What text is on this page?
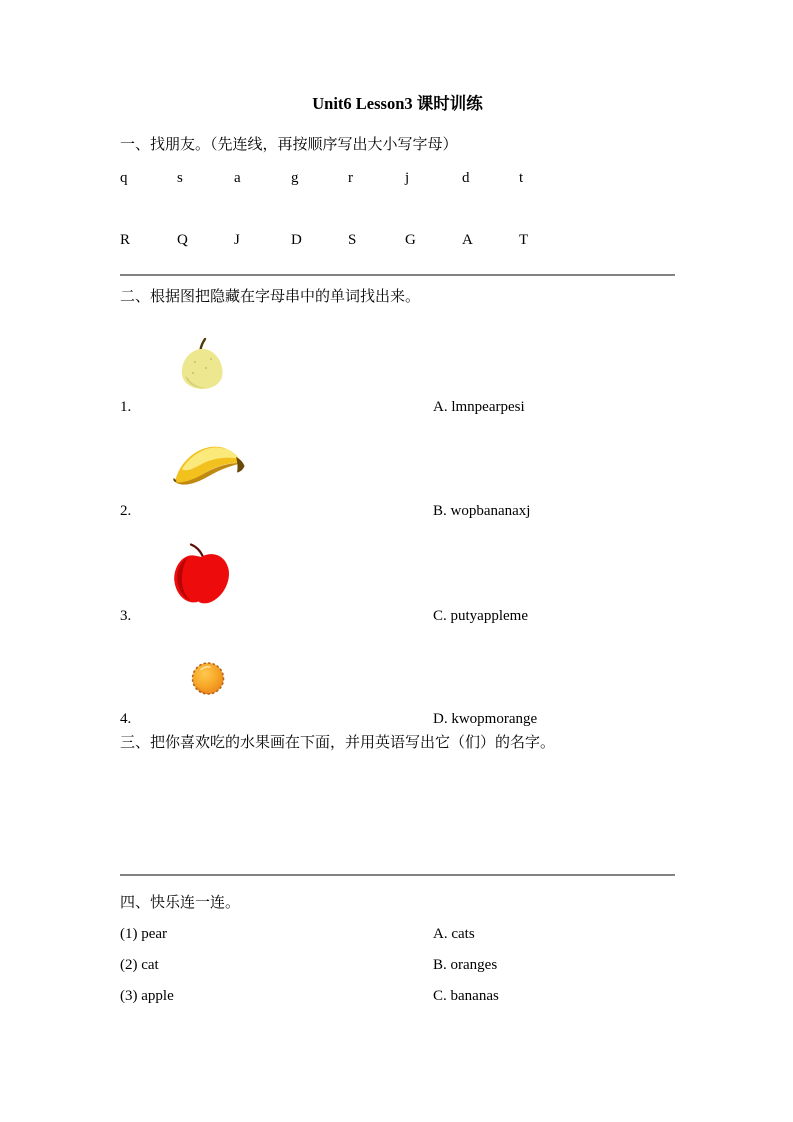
Unit6 Lesson3 课时训练
一、找朋友。（先连线，再按顺序写出大小写字母）
q	s	a	g	r	j	d	t
R	Q	J	D	S	G	A	T
二、根据图把隐藏在字母串中的单词找出来。
1.	A. lmnpearpesi
2.	B. wopbananaxj
3.	C. putyappleme
4.	D. kwopmorange
三、把你喜欢吃的水果画在下面，并用英语写出它（们）的名字。
四、快乐连一连。
(1) pear	A. cats
(2) cat	B. oranges
(3) apple	C. bananas
